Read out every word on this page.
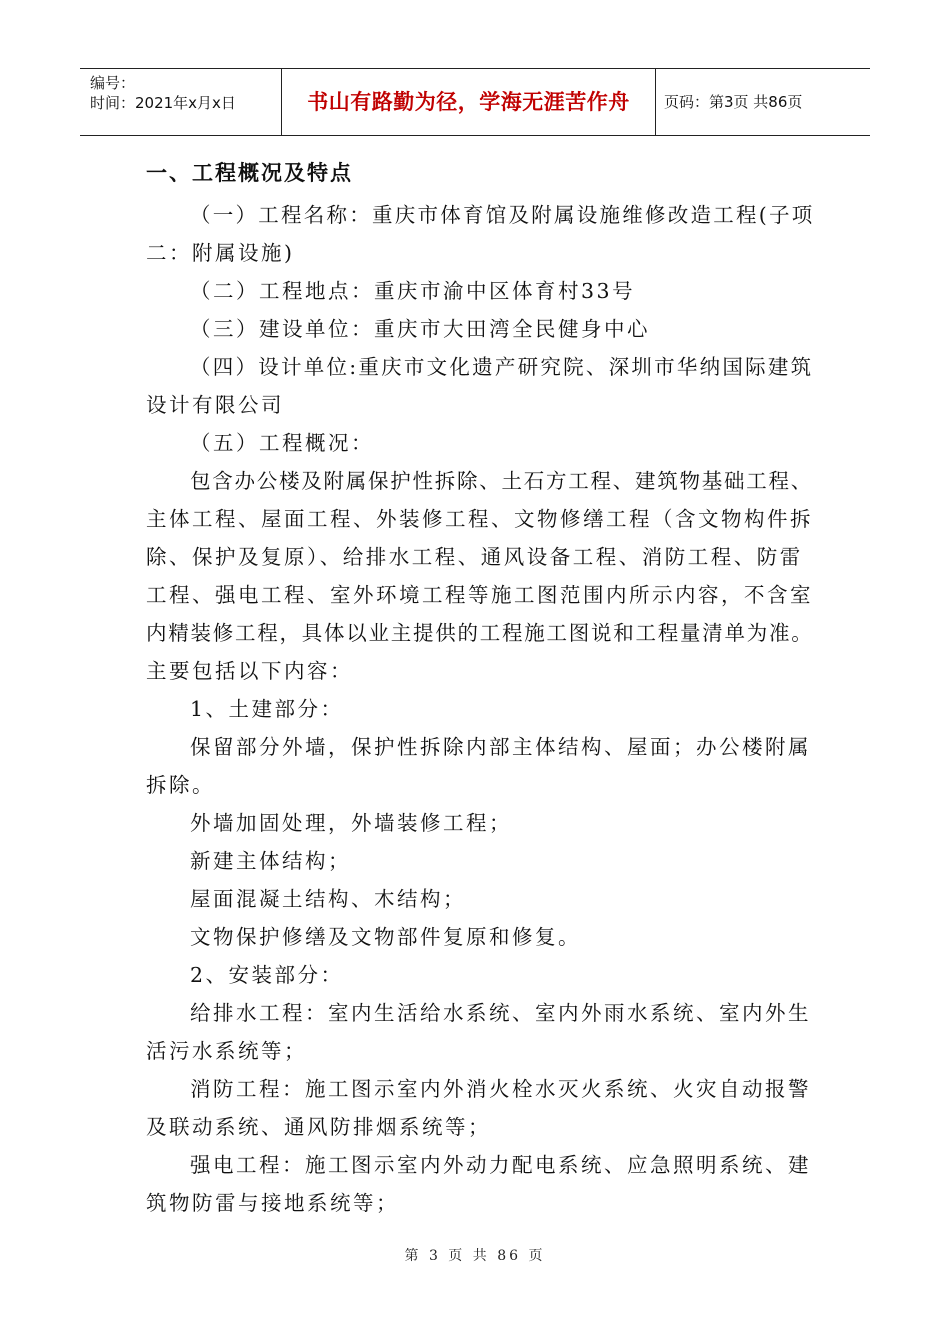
编号：
时间：2021年x月x日	书山有路勤为径，学海无涯苦作舟	页码：第3页 共86页
一、工程概况及特点
（一）工程名称：重庆市体育馆及附属设施维修改造工程(子项
二：附属设施)
（二）工程地点：重庆市渝中区体育村33号
（三）建设单位：重庆市大田湾全民健身中心
（四）设计单位:重庆市文化遗产研究院、深圳市华纳国际建筑
设计有限公司
（五）工程概况：
包含办公楼及附属保护性拆除、土石方工程、建筑物基础工程、
主体工程、屋面工程、外装修工程、文物修缮工程（含文物构件拆
除、保护及复原）、给排水工程、通风设备工程、消防工程、防雷
工程、强电工程、室外环境工程等施工图范围内所示内容，不含室
内精装修工程，具体以业主提供的工程施工图说和工程量清单为准。
主要包括以下内容：
1、土建部分：
保留部分外墙，保护性拆除内部主体结构、屋面；办公楼附属
拆除。
外墙加固处理，外墙装修工程；
新建主体结构；
屋面混凝土结构、木结构；
文物保护修缮及文物部件复原和修复。
2、安装部分：
给排水工程：室内生活给水系统、室内外雨水系统、室内外生
活污水系统等；
消防工程：施工图示室内外消火栓水灭火系统、火灾自动报警
及联动系统、通风防排烟系统等；
强电工程：施工图示室内外动力配电系统、应急照明系统、建
筑物防雷与接地系统等；
第 3 页 共 86 页
